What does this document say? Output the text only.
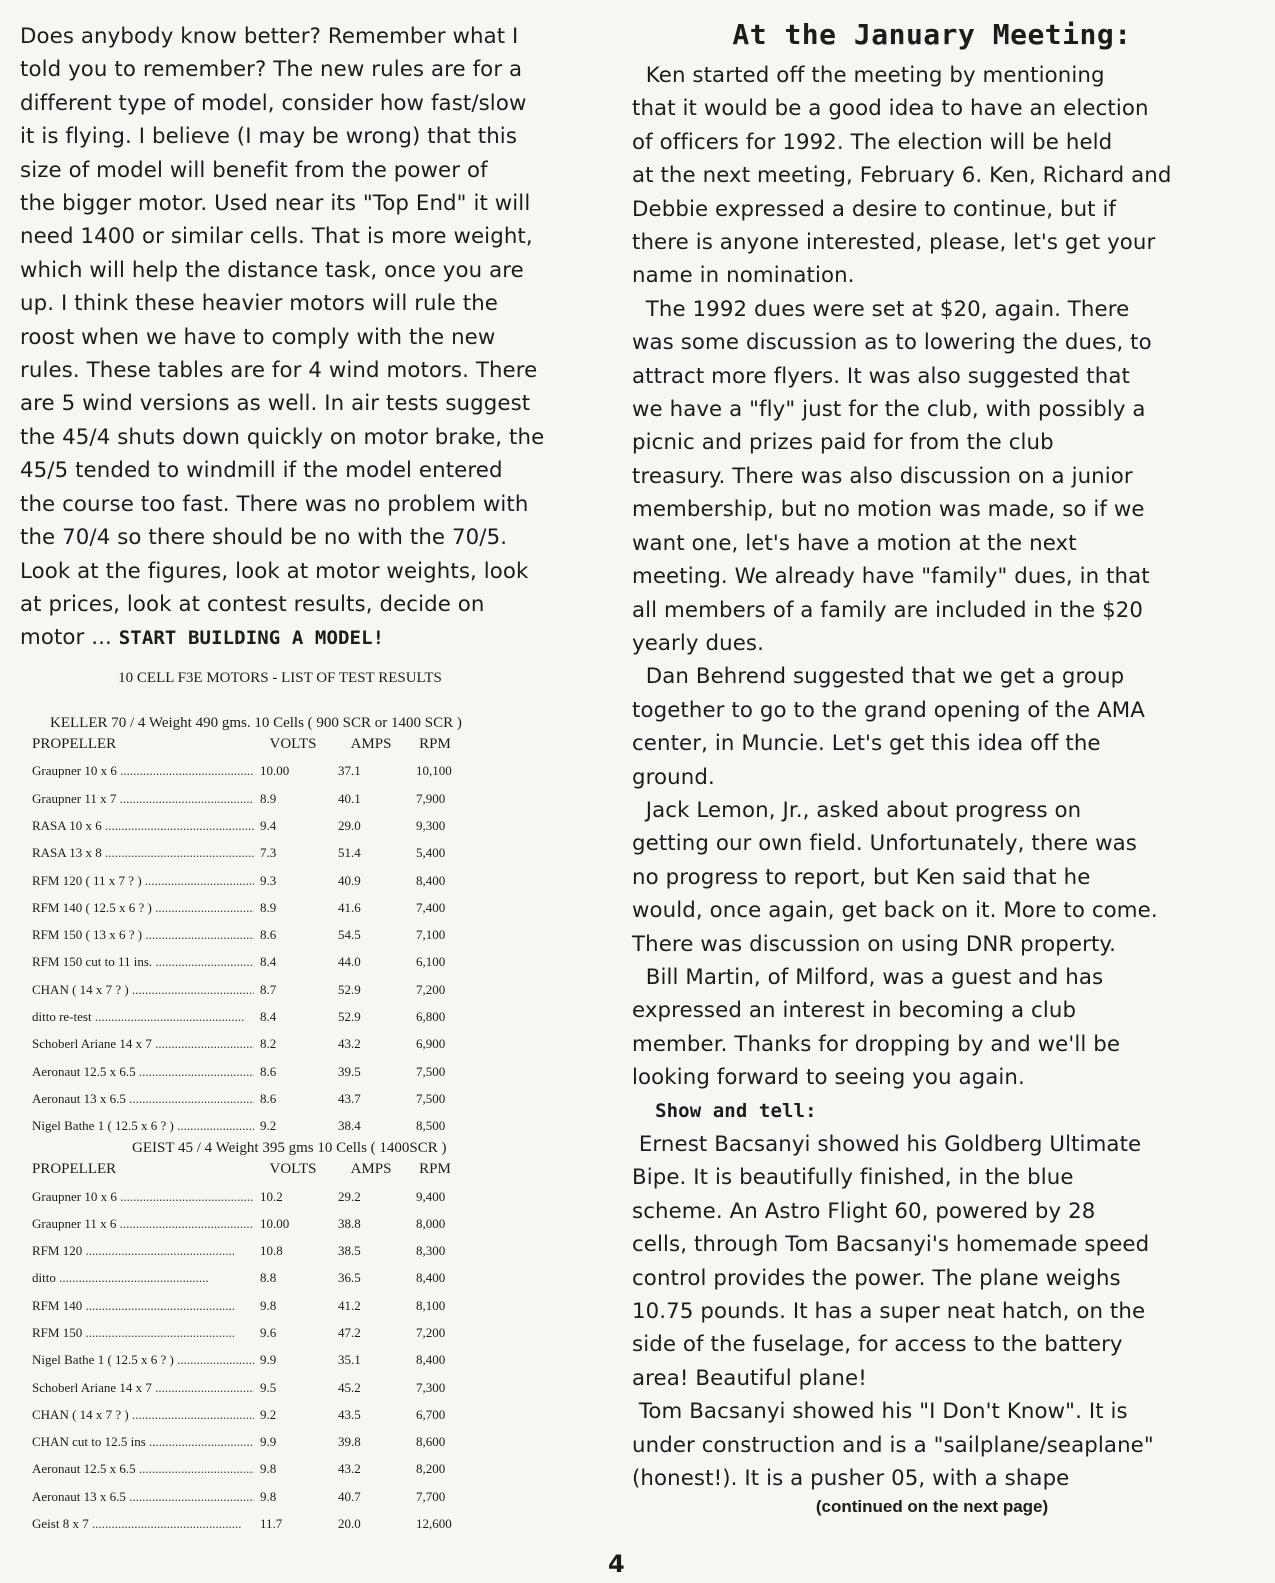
Does anybody know better? Remember what I
told you to remember? The new rules are for a
different type of model, consider how fast/slow
it is flying. I believe (I may be wrong) that this
size of model will benefit from the power of
the bigger motor. Used near its "Top End" it will
need 1400 or similar cells. That is more weight,
which will help the distance task, once you are
up. I think these heavier motors will rule the
roost when we have to comply with the new
rules. These tables are for 4 wind motors. There
are 5 wind versions as well. In air tests suggest
the 45/4 shuts down quickly on motor brake, the
45/5 tended to windmill if the model entered
the course too fast. There was no problem with
the 70/4 so there should be no with the 70/5.
Look at the figures, look at motor weights, look
at prices, look at contest results, decide on
motor ... START BUILDING A MODEL!
10 CELL F3E MOTORS - LIST OF TEST RESULTS
KELLER 70 / 4 Weight 490 gms. 10 Cells ( 900 SCR or 1400 SCR )
PROPELLER	VOLTS	AMPS	RPM
Graupner 10 x 6 .....	10.00	37.1	10,100
Graupner 11 x 7 .....	8.9	40.1	7,900
RASA 10 x 6 .....	9.4	29.0	9,300
RASA 13 x 8 .....	7.3	51.4	5,400
RFM 120 ( 11 x 7 ? ) .....	9.3	40.9	8,400
RFM 140 ( 12.5 x 6 ? ) .....	8.9	41.6	7,400
RFM 150 ( 13 x 6 ? ) .....	8.6	54.5	7,100
RFM 150 cut to 11 ins. .....	8.4	44.0	6,100
CHAN ( 14 x 7 ? ) .....	8.7	52.9	7,200
ditto re-test .....	8.4	52.9	6,800
Schoberl Ariane 14 x 7 .....	8.2	43.2	6,900
Aeronaut 12.5 x 6.5 .....	8.6	39.5	7,500
Aeronaut 13 x 6.5 .....	8.6	43.7	7,500
Nigel Bathe 1 ( 12.5 x 6 ? ) .....	9.2	38.4	8,500
GEIST 45 / 4 Weight 395 gms 10 Cells ( 1400SCR )
PROPELLER	VOLTS	AMPS	RPM
Graupner 10 x 6 .....	10.2	29.2	9,400
Graupner 11 x 6 .....	10.00	38.8	8,000
RFM 120 .....	10.8	38.5	8,300
ditto .....	8.8	36.5	8,400
RFM 140 .....	9.8	41.2	8,100
RFM 150 .....	9.6	47.2	7,200
Nigel Bathe 1 ( 12.5 x 6 ? ) .....	9.9	35.1	8,400
Schoberl Ariane 14 x 7 .....	9.5	45.2	7,300
CHAN ( 14 x 7 ? ) .....	9.2	43.5	6,700
CHAN cut to 12.5 ins .....	9.9	39.8	8,600
Aeronaut 12.5 x 6.5 .....	9.8	43.2	8,200
Aeronaut 13 x 6.5 .....	9.8	40.7	7,700
Geist 8 x 7 .....	11.7	20.0	12,600
At the January Meeting:
Ken started off the meeting by mentioning
that it would be a good idea to have an election
of officers for 1992. The election will be held
at the next meeting, February 6. Ken, Richard and
Debbie expressed a desire to continue, but if
there is anyone interested, please, let's get your
name in nomination.
The 1992 dues were set at $20, again. There
was some discussion as to lowering the dues, to
attract more flyers. It was also suggested that
we have a "fly" just for the club, with possibly a
picnic and prizes paid for from the club
treasury. There was also discussion on a junior
membership, but no motion was made, so if we
want one, let's have a motion at the next
meeting. We already have "family" dues, in that
all members of a family are included in the $20
yearly dues.
Dan Behrend suggested that we get a group
together to go to the grand opening of the AMA
center, in Muncie. Let's get this idea off the
ground.
Jack Lemon, Jr., asked about progress on
getting our own field. Unfortunately, there was
no progress to report, but Ken said that he
would, once again, get back on it. More to come.
There was discussion on using DNR property.
Bill Martin, of Milford, was a guest and has
expressed an interest in becoming a club
member. Thanks for dropping by and we'll be
looking forward to seeing you again.
Show and tell:
Ernest Bacsanyi showed his Goldberg Ultimate
Bipe. It is beautifully finished, in the blue
scheme. An Astro Flight 60, powered by 28
cells, through Tom Bacsanyi's homemade speed
control provides the power. The plane weighs
10.75 pounds. It has a super neat hatch, on the
side of the fuselage, for access to the battery
area! Beautiful plane!
Tom Bacsanyi showed his "I Don't Know". It is
under construction and is a "sailplane/seaplane"
(honest!). It is a pusher 05, with a shape
(continued on the next page)
4
